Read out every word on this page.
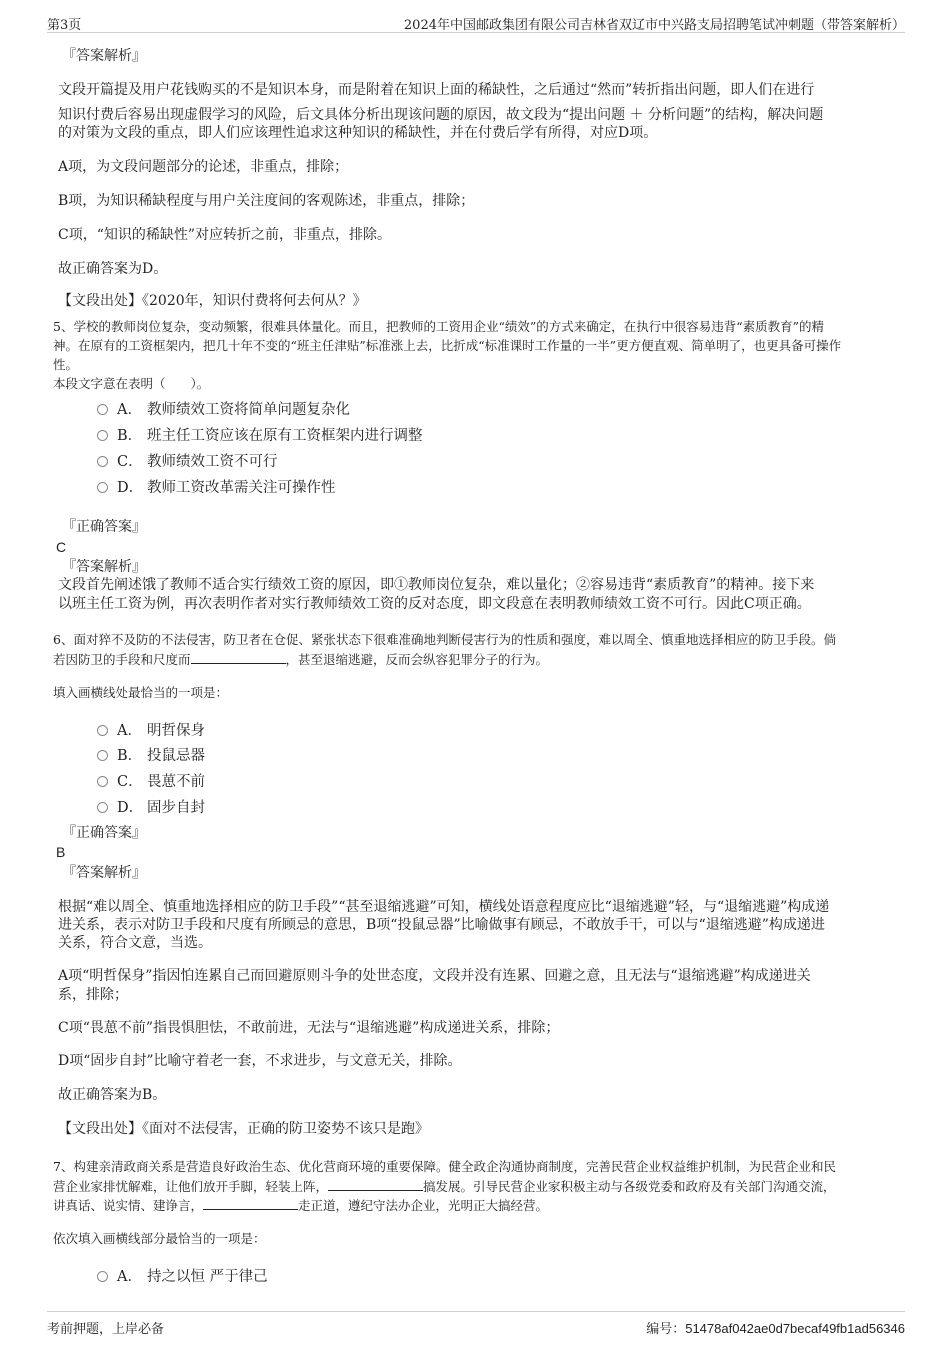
第3页	2024年中国邮政集团有限公司吉林省双辽市中兴路支局招聘笔试冲刺题（带答案解析）
『答案解析』
文段开篇提及用户花钱购买的不是知识本身，而是附着在知识上面的稀缺性，之后通过“然而”转折指出问题，即人们在进行
知识付费后容易出现虚假学习的风险，后文具体分析出现该问题的原因，故文段为“提出问题 ＋ 分析问题”的结构，解决问题
的对策为文段的重点，即人们应该理性追求这种知识的稀缺性，并在付费后学有所得，对应D项。
A项，为文段问题部分的论述，非重点，排除；
B项，为知识稀缺程度与用户关注度间的客观陈述，非重点，排除；
C项，“知识的稀缺性”对应转折之前，非重点，排除。
故正确答案为D。
【文段出处】《2020年，知识付费将何去何从？》
5、学校的教师岗位复杂，变动频繁，很难具体量化。而且，把教师的工资用企业“绩效”的方式来确定，在执行中很容易违背“素质教育”的精
神。在原有的工资框架内，把几十年不变的“班主任津贴”标准涨上去，比折成“标准课时工作量的一半”更方便直观、简单明了，也更具备可操作
性。
本段文字意在表明（　　）。
A． 教师绩效工资将简单问题复杂化
B． 班主任工资应该在原有工资框架内进行调整
C． 教师绩效工资不可行
D． 教师工资改革需关注可操作性
『正确答案』
C
『答案解析』
文段首先阐述饿了教师不适合实行绩效工资的原因，即①教师岗位复杂，难以量化；②容易违背“素质教育”的精神。接下来
以班主任工资为例，再次表明作者对实行教师绩效工资的反对态度，即文段意在表明教师绩效工资不可行。因此C项正确。
6、面对猝不及防的不法侵害，防卫者在仓促、紧张状态下很难准确地判断侵害行为的性质和强度，难以周全、慎重地选择相应的防卫手段。倘
若因防卫的手段和尺度而	，甚至退缩逃避，反而会纵容犯罪分子的行为。
填入画横线处最恰当的一项是：
A． 明哲保身
B． 投鼠忌器
C． 畏葸不前
D． 固步自封
『正确答案』
B
『答案解析』
根据“难以周全、慎重地选择相应的防卫手段”“甚至退缩逃避”可知，横线处语意程度应比“退缩逃避”轻，与“退缩逃避”构成递
进关系，表示对防卫手段和尺度有所顾忌的意思，B项“投鼠忌器”比喻做事有顾忌，不敢放手干，可以与“退缩逃避”构成递进
关系，符合文意，当选。
A项“明哲保身”指因怕连累自己而回避原则斗争的处世态度，文段并没有连累、回避之意，且无法与“退缩逃避”构成递进关
系，排除；
C项“畏葸不前”指畏惧胆怯，不敢前进，无法与“退缩逃避”构成递进关系，排除；
D项“固步自封”比喻守着老一套，不求进步，与文意无关，排除。
故正确答案为B。
【文段出处】《面对不法侵害，正确的防卫姿势不该只是跑》
7、构建亲清政商关系是营造良好政治生态、优化营商环境的重要保障。健全政企沟通协商制度，完善民营企业权益维护机制，为民营企业和民
营企业家排忧解难，让他们放开手脚，轻装上阵，	搞发展。引导民营企业家积极主动与各级党委和政府及有关部门沟通交流，
讲真话、说实情、建诤言，	走正道，遵纪守法办企业，光明正大搞经营。
依次填入画横线部分最恰当的一项是：
A． 持之以恒 严于律己
考前押题，上岸必备	编号：51478af042ae0d7becaf49fb1ad56346
